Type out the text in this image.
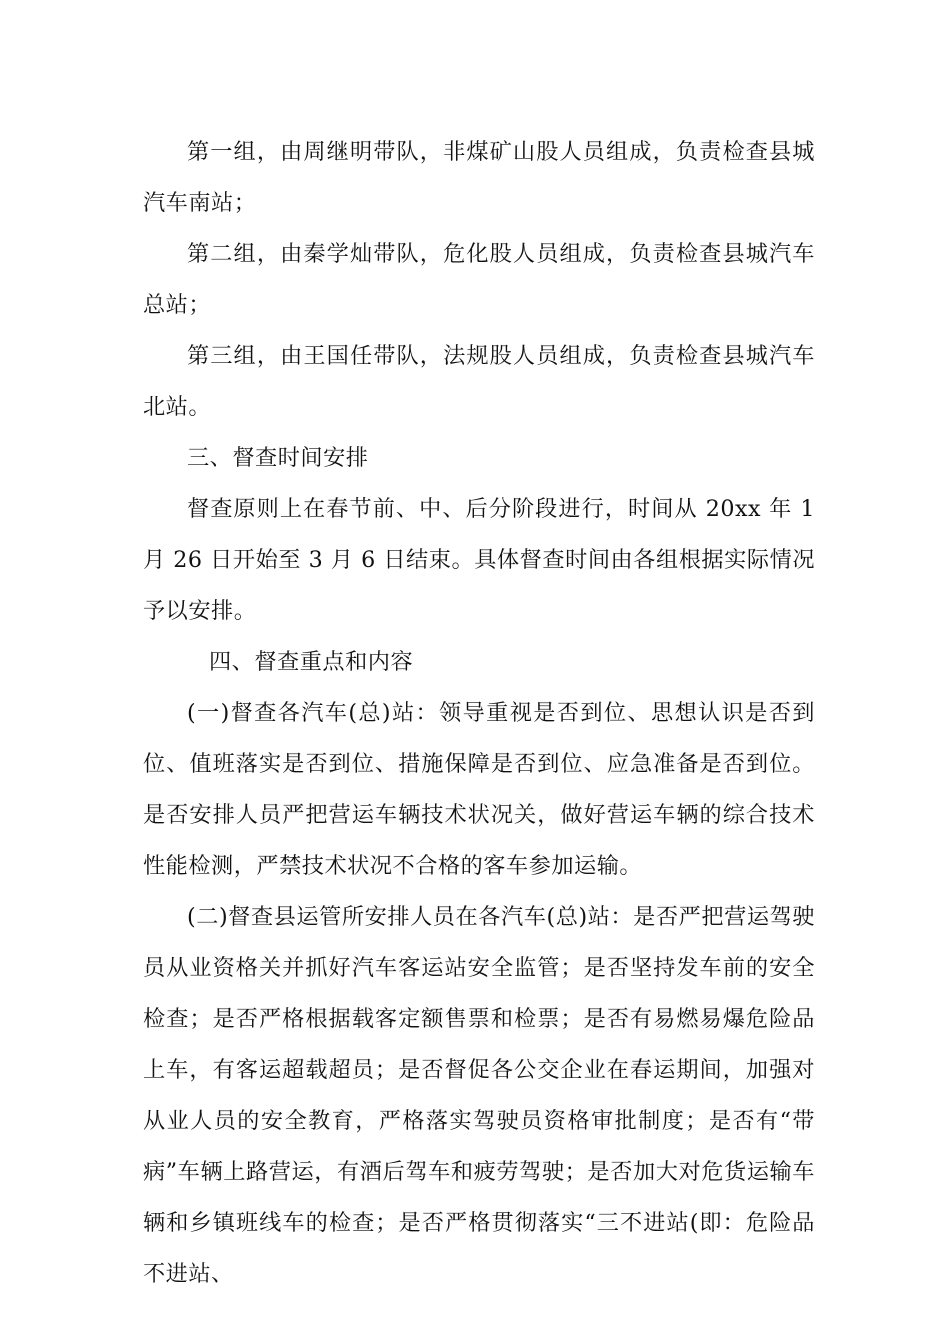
第一组，由周继明带队，非煤矿山股人员组成，负责检查县城汽车南站；

第二组，由秦学灿带队，危化股人员组成，负责检查县城汽车总站；

第三组，由王国任带队，法规股人员组成，负责检查县城汽车北站。

三、督查时间安排

督查原则上在春节前、中、后分阶段进行，时间从 20xx 年 1 月 26 日开始至 3 月 6 日结束。具体督查时间由各组根据实际情况予以安排。

四、督查重点和内容

(一)督查各汽车(总)站：领导重视是否到位、思想认识是否到位、值班落实是否到位、措施保障是否到位、应急准备是否到位。是否安排人员严把营运车辆技术状况关，做好营运车辆的综合技术性能检测，严禁技术状况不合格的客车参加运输。

(二)督查县运管所安排人员在各汽车(总)站：是否严把营运驾驶员从业资格关并抓好汽车客运站安全监管；是否坚持发车前的安全检查；是否严格根据载客定额售票和检票；是否有易燃易爆危险品上车，有客运超载超员；是否督促各公交企业在春运期间，加强对从业人员的安全教育，严格落实驾驶员资格审批制度；是否有“带病”车辆上路营运，有酒后驾车和疲劳驾驶；是否加大对危货运输车辆和乡镇班线车的检查；是否严格贯彻落实“三不进站(即：危险品不进站、
